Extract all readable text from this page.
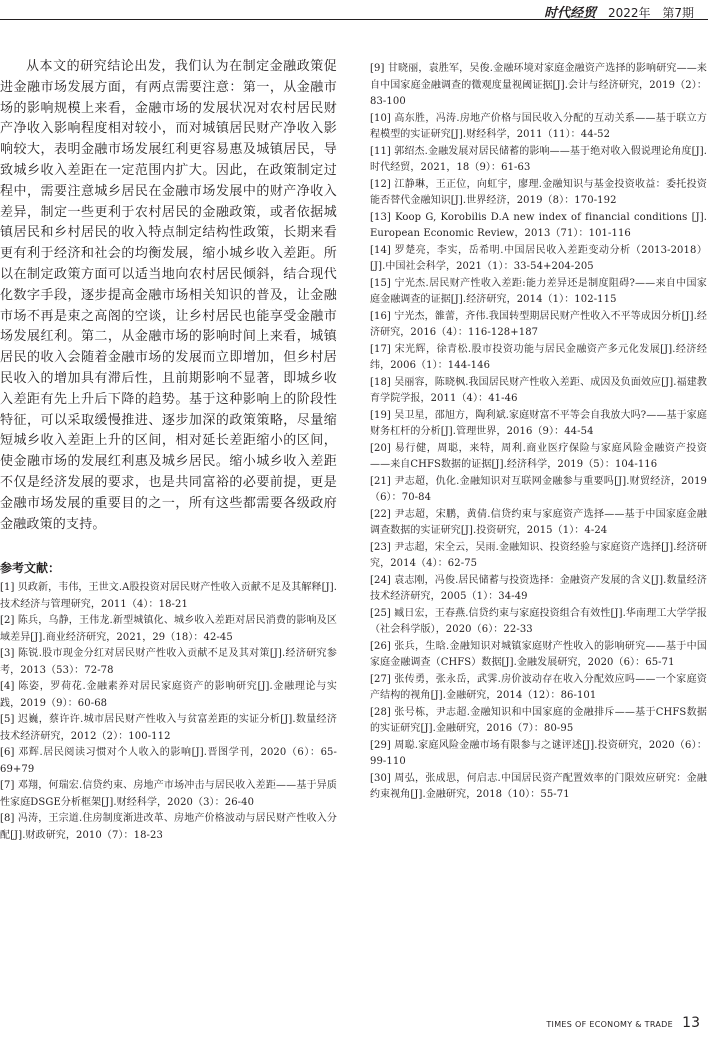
时代经贸 2022年 第7期

从本文的研究结论出发，我们认为在制定金融政策促进金融市场发展方面，有两点需要注意：第一，从金融市场的影响规模上来看，金融市场的发展状况对农村居民财产净收入影响程度相对较小，而对城镇居民财产净收入影响较大，表明金融市场发展红利更容易惠及城镇居民，导致城乡收入差距在一定范围内扩大。因此，在政策制定过程中，需要注意城乡居民在金融市场发展中的财产净收入差异，制定一些更利于农村居民的金融政策，或者依据城镇居民和乡村居民的收入特点制定结构性政策，长期来看更有利于经济和社会的均衡发展，缩小城乡收入差距。所以在制定政策方面可以适当地向农村居民倾斜，结合现代化数字手段，逐步提高金融市场相关知识的普及，让金融市场不再是束之高阁的空谈，让乡村居民也能享受金融市场发展红利。第二，从金融市场的影响时间上来看，城镇居民的收入会随着金融市场的发展而立即增加，但乡村居民收入的增加具有滞后性，且前期影响不显著，即城乡收入差距有先上升后下降的趋势。基于这种影响上的阶段性特征，可以采取缓慢推进、逐步加深的政策策略，尽量缩短城乡收入差距上升的区间，相对延长差距缩小的区间，使金融市场的发展红利惠及城乡居民。缩小城乡收入差距不仅是经济发展的要求，也是共同富裕的必要前提，更是金融市场发展的重要目的之一，所有这些都需要各级政府金融政策的支持。

参考文献：

[1] 贝政新，韦伟，王世文.A股投资对居民财产性收入贡献不足及其解释[J].技术经济与管理研究，2011（4）：18-21

[2] 陈兵，乌静，王伟龙.新型城镇化、城乡收入差距对居民消费的影响及区域差异[J].商业经济研究，2021，29（18）：42-45

[3] 陈锐.股市现金分红对居民财产性收入贡献不足及其对策[J].经济研究参考，2013（53）：72-78

[4] 陈姿，罗荷花.金融素养对居民家庭资产的影响研究[J].金融理论与实践，2019（9）：60-68

[5] 迟巍，蔡许许.城市居民财产性收入与贫富差距的实证分析[J].数量经济技术经济研究，2012（2）：100-112

[6] 邓辉.居民阅读习惯对个人收入的影响[J].晋图学刊，2020（6）：65-69+79

[7] 邓翔，何瑞宏.信贷约束、房地产市场冲击与居民收入差距——基于异质性家庭DSGE分析框架[J].财经科学，2020（3）：26-40

[8] 冯涛，王宗道.住房制度渐进改革、房地产价格波动与居民财产性收入分配[J].财政研究，2010（7）：18-23

[9] 甘晓丽，袁胜军，吴俊.金融环境对家庭金融资产选择的影响研究——来自中国家庭金融调查的微观度量视阈证据[J].会计与经济研究，2019（2）：83-100

[10] 高东胜，冯涛.房地产价格与国民收入分配的互动关系——基于联立方程模型的实证研究[J].财经科学，2011（11）：44-52

[11] 郭绍杰.金融发展对居民储蓄的影响——基于绝对收入假说理论角度[J].时代经贸，2021，18（9）：61-63

[12] 江静琳，王正位，向虹宇，廖理.金融知识与基金投资收益：委托投资能否替代金融知识[J].世界经济，2019（8）：170-192

[13] Koop G, Korobilis D.A new index of financial conditions [J]. European Economic Review，2013（71）：101-116

[14] 罗楚亮，李实，岳希明.中国居民收入差距变动分析（2013-2018）[J].中国社会科学，2021（1）：33-54+204-205

[15] 宁光杰.居民财产性收入差距:能力差异还是制度阻碍?——来自中国家庭金融调查的证据[J].经济研究，2014（1）：102-115

[16] 宁光杰，雒蕾，齐伟.我国转型期居民财产性收入不平等成因分析[J].经济研究，2016（4）：116-128+187

[17] 宋光辉，徐青松.股市投资功能与居民金融资产多元化发展[J].经济经纬，2006（1）：144-146

[18] 吴丽容，陈晓枫.我国居民财产性收入差距、成因及负面效应[J].福建教育学院学报，2011（4）：41-46

[19] 吴卫星，邵旭方，陶利斌.家庭财富不平等会自我放大吗?——基于家庭财务杠杆的分析[J].管理世界，2016（9）：44-54

[20] 易行健，周聪，来特，周利.商业医疗保险与家庭风险金融资产投资——来自CHFS数据的证据[J].经济科学，2019（5）：104-116

[21] 尹志超，仇化.金融知识对互联网金融参与重要吗[J].财贸经济，2019（6）：70-84

[22] 尹志超，宋鹏，黄倩.信贷约束与家庭资产选择——基于中国家庭金融调查数据的实证研究[J].投资研究，2015（1）：4-24

[23] 尹志超，宋全云，吴雨.金融知识、投资经验与家庭资产选择[J].经济研究，2014（4）：62-75

[24] 袁志刚，冯俊.居民储蓄与投资选择：金融资产发展的含义[J].数量经济技术经济研究，2005（1）：34-49

[25] 臧日宏，王春燕.信贷约束与家庭投资组合有效性[J].华南理工大学学报（社会科学版），2020（6）：22-33

[26] 张兵，生晗.金融知识对城镇家庭财产性收入的影响研究——基于中国家庭金融调查（CHFS）数据[J].金融发展研究，2020（6）：65-71

[27] 张传勇，张永岳，武霁.房价波动存在收入分配效应吗——一个家庭资产结构的视角[J].金融研究，2014（12）：86-101

[28] 张号栋，尹志超.金融知识和中国家庭的金融排斥——基于CHFS数据的实证研究[J].金融研究，2016（7）：80-95

[29] 周聪.家庭风险金融市场有限参与之谜评述[J].投资研究，2020（6）：99-110

[30] 周弘，张成思，何启志.中国居民资产配置效率的门限效应研究：金融约束视角[J].金融研究，2018（10）：55-71

TIMES OF ECONOMY & TRADE 13
